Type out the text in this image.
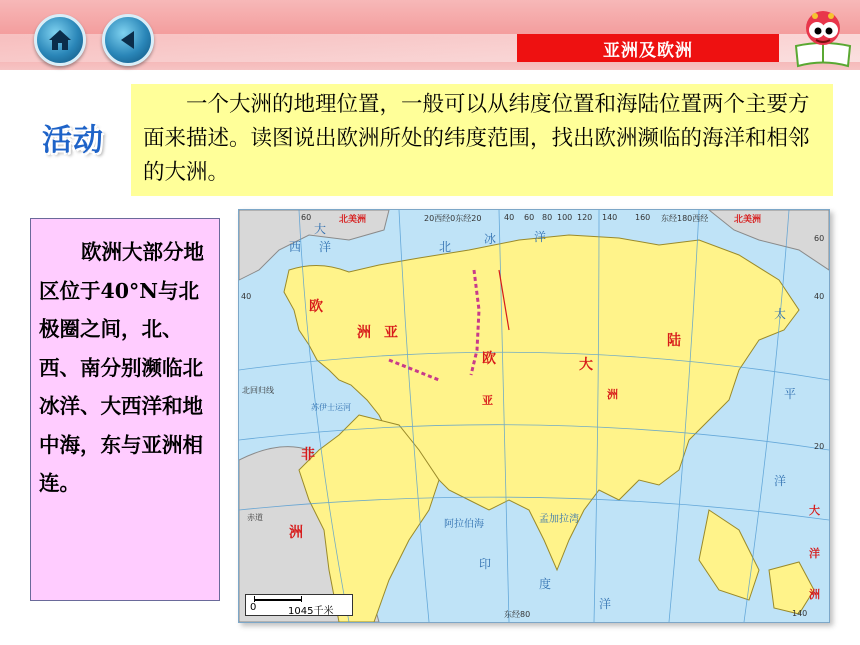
亚洲及欧洲
活动
一个大洲的地理位置，一般可以从纬度位置和海陆位置两个主要方面来描述。读图说出欧洲所处的纬度范围，找出欧洲濒临的海洋和相邻的大洲。
欧洲大部分地区位于40°N与北极圈之间，北、西、南分别濒临北冰洋、大西洋和地中海，东与亚洲相连。
大
西 洋	北
冰	洋
太
平
洋
印
度
洋
阿拉伯海	孟加拉湾
苏伊士运河
北回归线
赤道
欧
洲 亚
欧	大
陆
亚	洲
非
洲
北美洲	北美洲
大
洋
洲
60	20西经0东经20	40 60 80 100 120 140 160 东经180西经
东经80	140
60
40
20
40
0	1045千米
